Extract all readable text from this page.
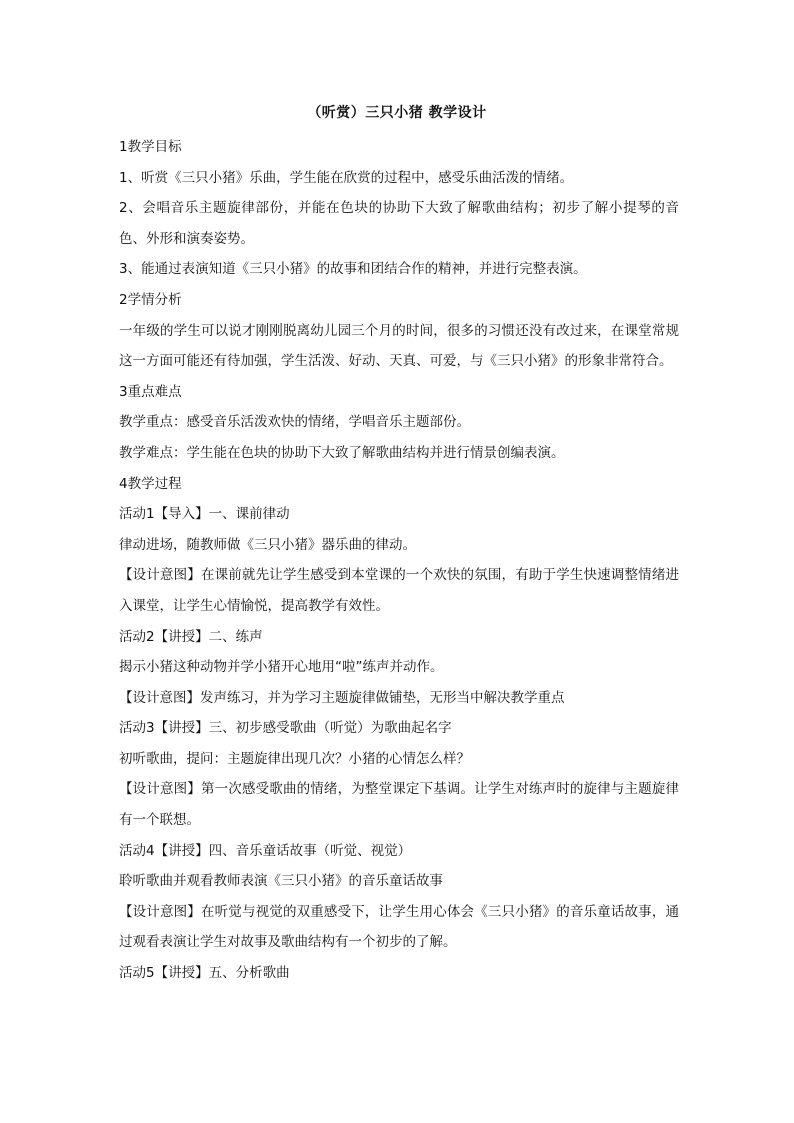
（听赏）三只小猪 教学设计

1教学目标

1、听赏《三只小猪》乐曲，学生能在欣赏的过程中，感受乐曲活泼的情绪。

2、会唱音乐主题旋律部份，并能在色块的协助下大致了解歌曲结构；初步了解小提琴的音色、外形和演奏姿势。

3、能通过表演知道《三只小猪》的故事和团结合作的精神，并进行完整表演。

2学情分析

一年级的学生可以说才刚刚脱离幼儿园三个月的时间，很多的习惯还没有改过来，在课堂常规这一方面可能还有待加强，学生活泼、好动、天真、可爱，与《三只小猪》的形象非常符合。

3重点难点

教学重点：感受音乐活泼欢快的情绪，学唱音乐主题部份。

教学难点：学生能在色块的协助下大致了解歌曲结构并进行情景创编表演。

4教学过程

活动1【导入】一、课前律动

律动进场，随教师做《三只小猪》器乐曲的律动。

【设计意图】在课前就先让学生感受到本堂课的一个欢快的氛围，有助于学生快速调整情绪进入课堂，让学生心情愉悦，提高教学有效性。

活动2【讲授】二、练声

揭示小猪这种动物并学小猪开心地用“啦”练声并动作。

【设计意图】发声练习，并为学习主题旋律做铺垫，无形当中解决教学重点

活动3【讲授】三、初步感受歌曲（听觉）为歌曲起名字

初听歌曲，提问：主题旋律出现几次？小猪的心情怎么样？

【设计意图】第一次感受歌曲的情绪，为整堂课定下基调。让学生对练声时的旋律与主题旋律有一个联想。

活动4【讲授】四、音乐童话故事（听觉、视觉）

聆听歌曲并观看教师表演《三只小猪》的音乐童话故事

【设计意图】在听觉与视觉的双重感受下，让学生用心体会《三只小猪》的音乐童话故事，通过观看表演让学生对故事及歌曲结构有一个初步的了解。

活动5【讲授】五、分析歌曲
